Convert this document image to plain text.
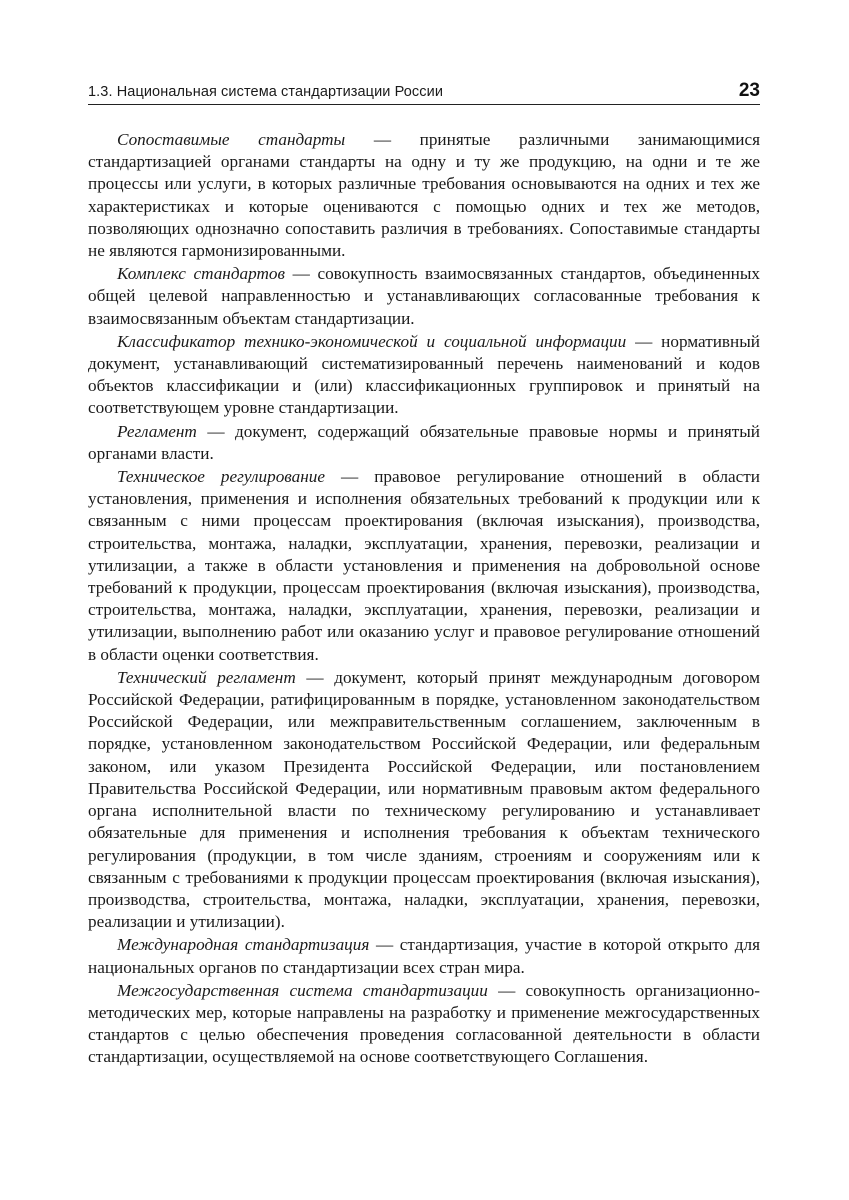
1.3. Национальная система стандартизации России	23

Сопоставимые стандарты — принятые различными занимающимися стандартизацией органами стандарты на одну и ту же продукцию, на одни и те же процессы или услуги, в которых различные требования основываются на одних и тех же характеристиках и которые оцениваются с помощью одних и тех же методов, позволяющих однозначно сопоставить различия в требованиях. Сопоставимые стандарты не являются гармонизированными.

Комплекс стандартов — совокупность взаимосвязанных стандартов, объединенных общей целевой направленностью и устанавливающих согласованные требования к взаимосвязанным объектам стандартизации.

Классификатор технико-экономической и социальной информации — нормативный документ, устанавливающий систематизированный перечень наименований и кодов объектов классификации и (или) классификационных группировок и принятый на соответствующем уровне стандартизации.

Регламент — документ, содержащий обязательные правовые нормы и принятый органами власти.

Техническое регулирование — правовое регулирование отношений в области установления, применения и исполнения обязательных требований к продукции или к связанным с ними процессам проектирования (включая изыскания), производства, строительства, монтажа, наладки, эксплуатации, хранения, перевозки, реализации и утилизации, а также в области установления и применения на добровольной основе требований к продукции, процессам проектирования (включая изыскания), производства, строительства, монтажа, наладки, эксплуатации, хранения, перевозки, реализации и утилизации, выполнению работ или оказанию услуг и правовое регулирование отношений в области оценки соответствия.

Технический регламент — документ, который принят международным договором Российской Федерации, ратифицированным в порядке, установленном законодательством Российской Федерации, или межправительственным соглашением, заключенным в порядке, установленном законодательством Российской Федерации, или федеральным законом, или указом Президента Российской Федерации, или постановлением Правительства Российской Федерации, или нормативным правовым актом федерального органа исполнительной власти по техническому регулированию и устанавливает обязательные для применения и исполнения требования к объектам технического регулирования (продукции, в том числе зданиям, строениям и сооружениям или к связанным с требованиями к продукции процессам проектирования (включая изыскания), производства, строительства, монтажа, наладки, эксплуатации, хранения, перевозки, реализации и утилизации).

Международная стандартизация — стандартизация, участие в которой открыто для национальных органов по стандартизации всех стран мира.

Межгосударственная система стандартизации — совокупность организационно-методических мер, которые направлены на разработку и применение межгосударственных стандартов с целью обеспечения проведения согласованной деятельности в области стандартизации, осуществляемой на основе соответствующего Соглашения.
